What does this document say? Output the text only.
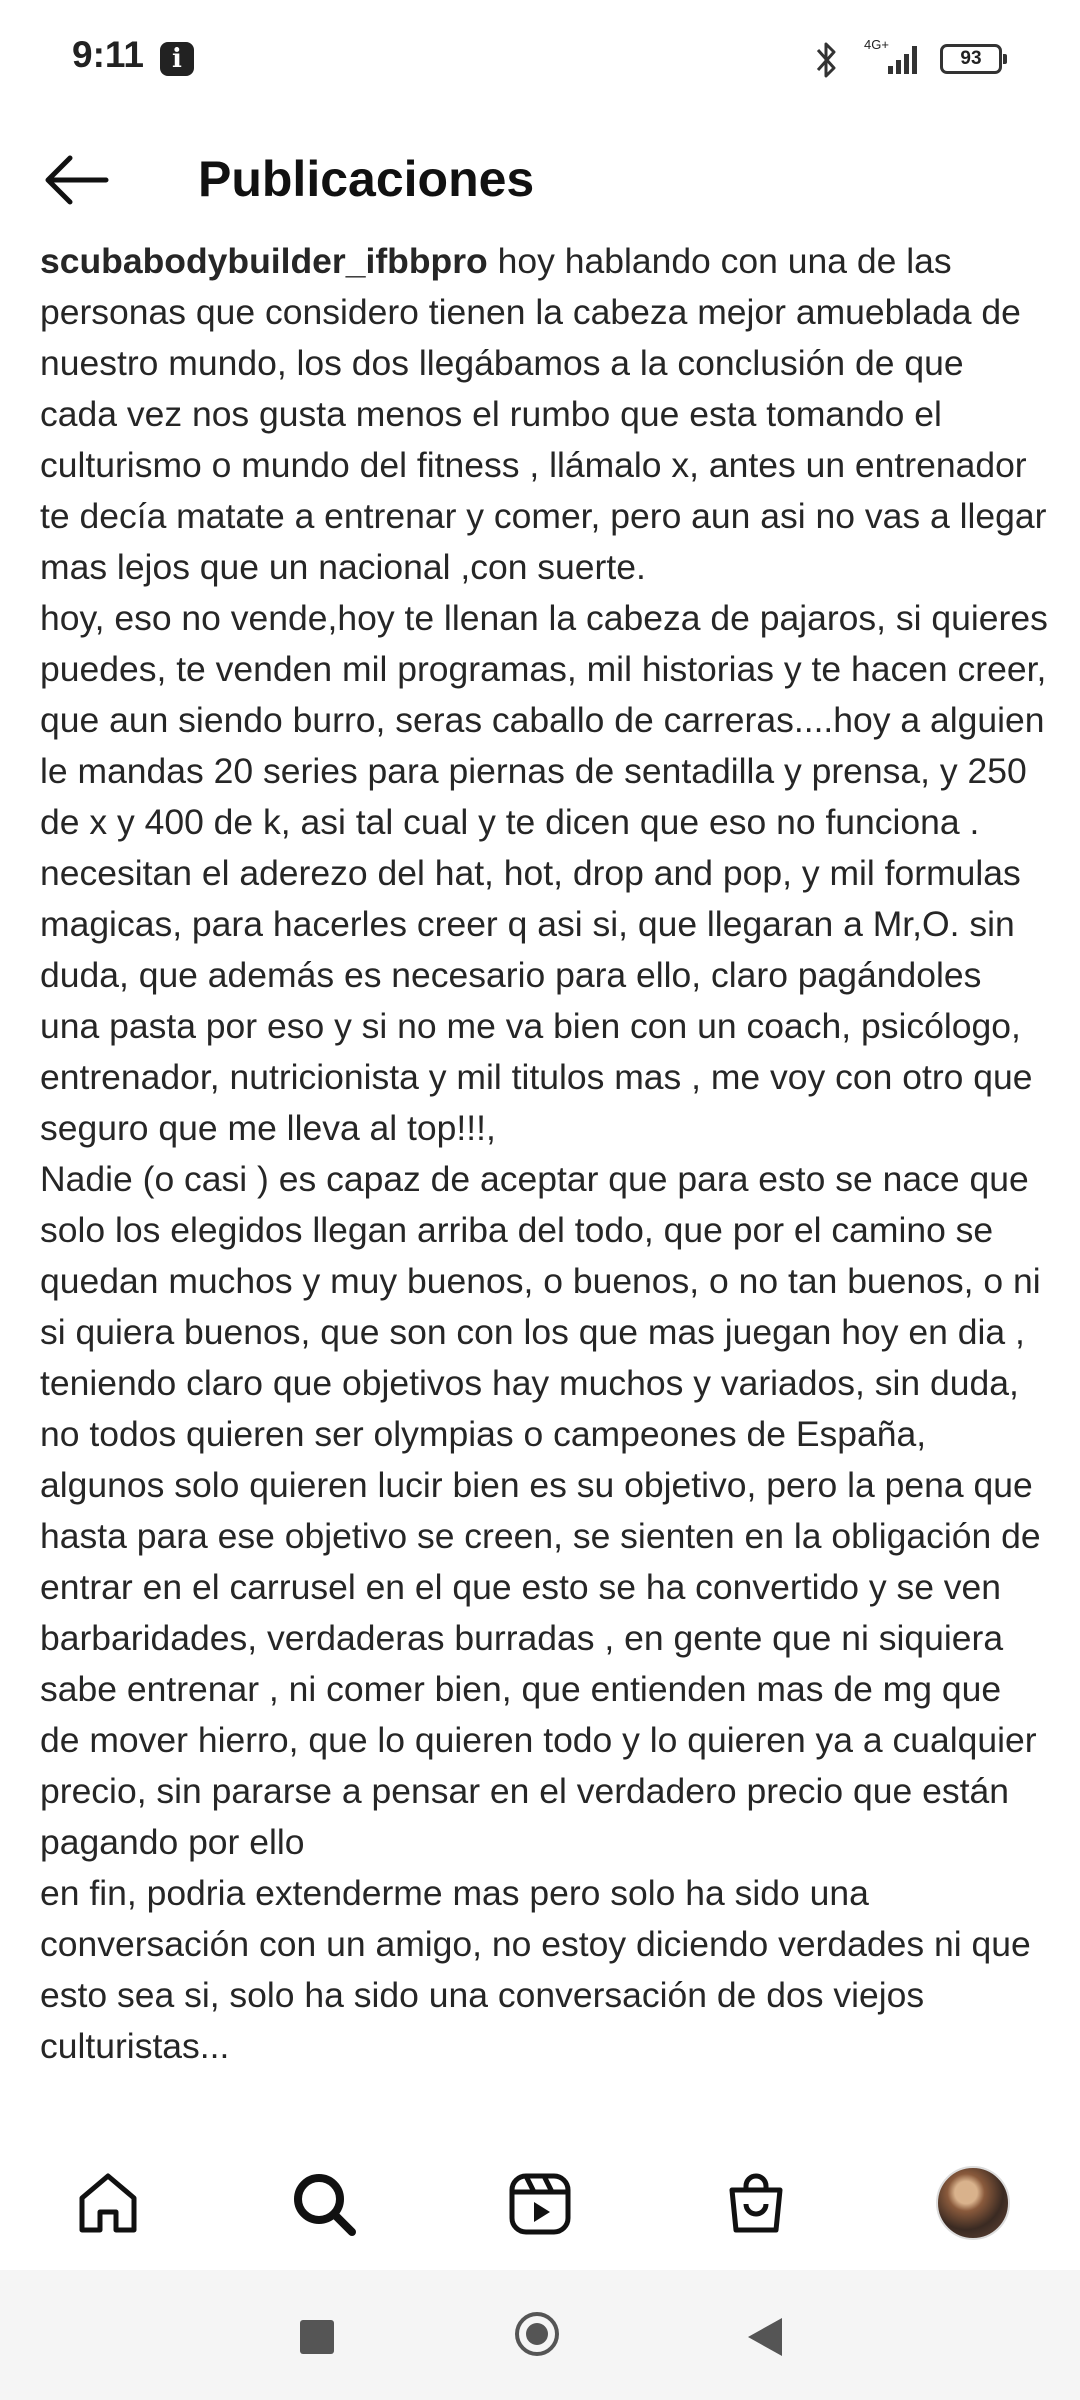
9:11
i	4G+
93
Publicaciones
scubabodybuilder_ifbbpro hoy hablando con una de las personas que considero tienen la cabeza mejor amueblada de nuestro mundo, los dos llegábamos a la conclusión de que cada vez nos gusta menos el rumbo que esta tomando el culturismo o mundo del fitness , llámalo x, antes un entrenador te decía matate a entrenar y comer, pero aun asi no vas a llegar mas lejos que un nacional ,con suerte.
hoy, eso no vende,hoy te llenan la cabeza de pajaros, si quieres puedes, te venden mil programas, mil historias y te hacen creer, que aun siendo burro, seras caballo de carreras....hoy a alguien le mandas 20 series para piernas de sentadilla y prensa, y 250 de x y 400 de k, asi tal cual y te dicen que eso no funciona . necesitan el aderezo del hat, hot, drop and pop, y mil formulas magicas, para hacerles creer q asi si, que llegaran a Mr,O. sin duda, que además es necesario para ello, claro pagándoles una pasta por eso y si no me va bien con un coach, psicólogo, entrenador, nutricionista y mil titulos mas , me voy con otro que seguro que me lleva al top!!!,
Nadie (o casi ) es capaz de aceptar que para esto se nace que solo los elegidos llegan arriba del todo, que por el camino se quedan muchos y muy buenos, o buenos, o no tan buenos, o ni si quiera buenos, que son con los que mas juegan hoy en dia , teniendo claro que objetivos hay muchos y variados, sin duda, no todos quieren ser olympias o campeones de España, algunos solo quieren lucir bien es su objetivo, pero la pena que hasta para ese objetivo se creen, se sienten en la obligación de entrar en el carrusel en el que esto se ha convertido y se ven barbaridades, verdaderas burradas , en gente que ni siquiera sabe entrenar , ni comer bien, que entienden mas de mg que de mover hierro, que lo quieren todo y lo quieren ya a cualquier precio, sin pararse a pensar en el verdadero precio que están pagando por ello
en fin, podria extenderme mas pero solo ha sido una conversación con un amigo, no estoy diciendo verdades ni que esto sea si, solo ha sido una conversación de dos viejos culturistas...
